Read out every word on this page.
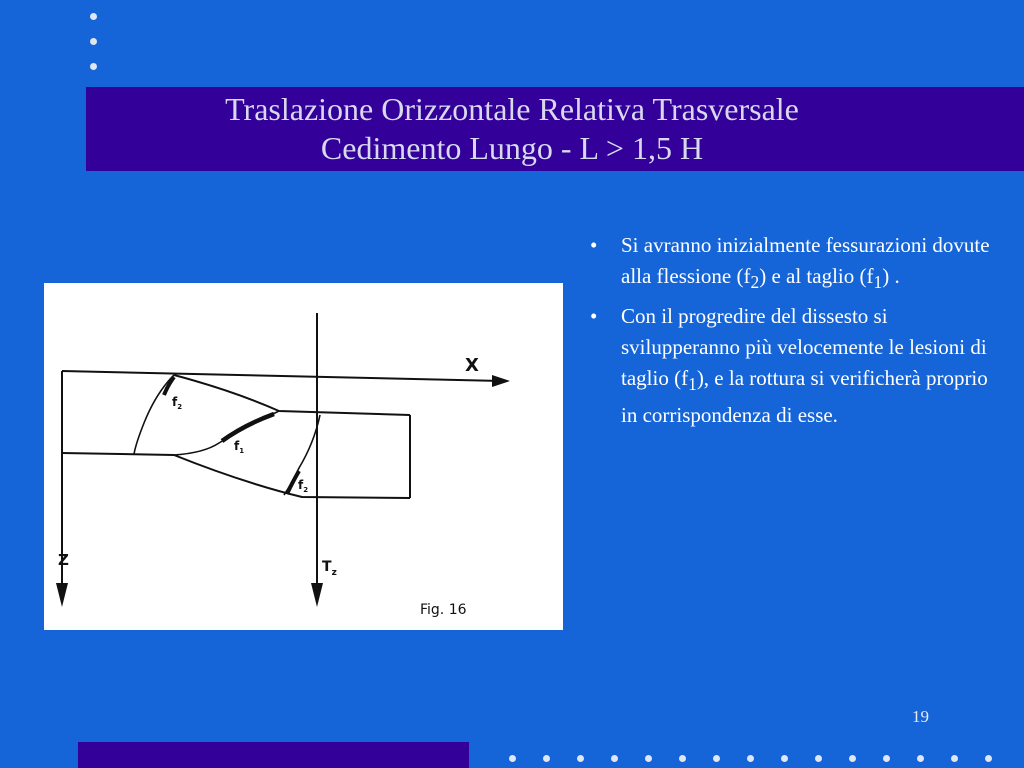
Traslazione Orizzontale Relativa Trasversale
Cedimento Lungo - L > 1,5 H
X
Z	$T_z$
$f_2$
$f_1$
$f_2$
Fig. 16
• Si avranno inizialmente fessurazioni dovute alla flessione $(f_2)$ e al taglio $(f_1)$ .
• Con il progredire del dissesto si svilupperanno più velocemente le lesioni di taglio $(f_1)$, e la rottura si verificherà proprio in corrispondenza di esse.
19
